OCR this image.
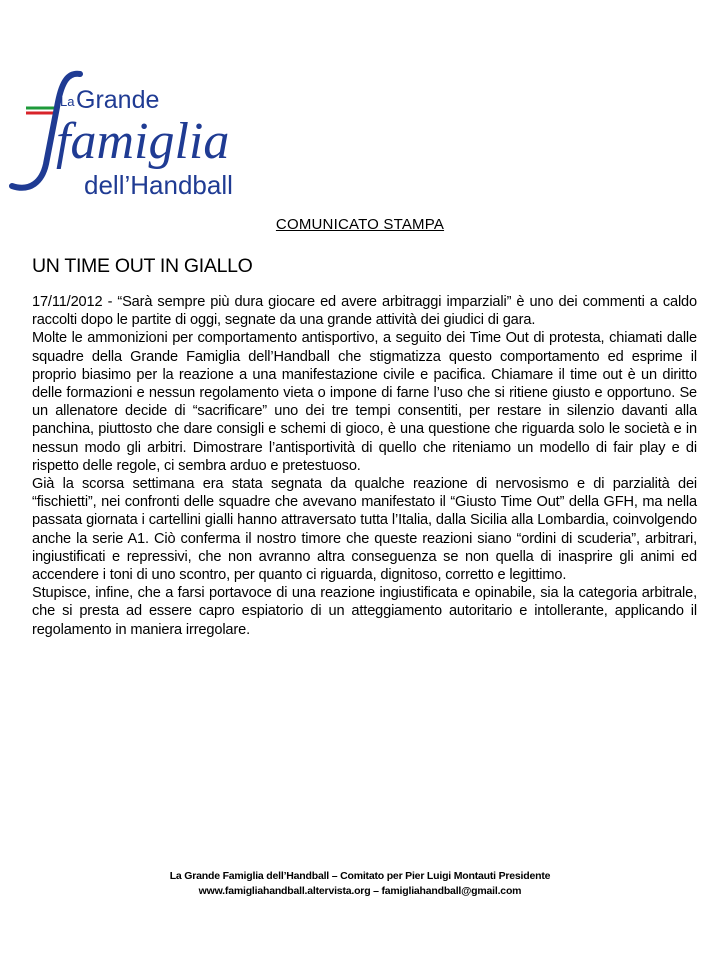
La Grande
famiglia
dell’Handball
COMUNICATO STAMPA
UN TIME OUT IN GIALLO

17/11/2012 - “Sarà sempre più dura giocare ed avere arbitraggi imparziali” è uno dei commenti a caldo raccolti dopo le partite di oggi, segnate da una grande attività dei giudici di gara.

Molte le ammonizioni per comportamento antisportivo, a seguito dei Time Out di protesta, chiamati dalle squadre della Grande Famiglia dell’Handball che stigmatizza questo comportamento ed esprime il proprio biasimo per la reazione a una manifestazione civile e pacifica. Chiamare il time out è un diritto delle formazioni e nessun regolamento vieta o impone di farne l’uso che si ritiene giusto e opportuno. Se un allenatore decide di “sacrificare” uno dei tre tempi consentiti, per restare in silenzio davanti alla panchina, piuttosto che dare consigli e schemi di gioco, è una questione che riguarda solo le società e in nessun modo gli arbitri. Dimostrare l’antisportività di quello che riteniamo un modello di fair play e di rispetto delle regole, ci sembra arduo e pretestuoso.

Già la scorsa settimana era stata segnata da qualche reazione di nervosismo e di parzialità dei “fischietti”, nei confronti delle squadre che avevano manifestato il “Giusto Time Out” della GFH, ma nella passata giornata i cartellini gialli hanno attraversato tutta l’Italia, dalla Sicilia alla Lombardia, coinvolgendo anche la serie A1. Ciò conferma il nostro timore che queste reazioni siano “ordini di scuderia”, arbitrari, ingiustificati e repressivi, che non avranno altra conseguenza se non quella di inasprire gli animi ed accendere i toni di uno scontro, per quanto ci riguarda, dignitoso, corretto e legittimo.

Stupisce, infine, che a farsi portavoce di una reazione ingiustificata e opinabile, sia la categoria arbitrale, che si presta ad essere capro espiatorio di un atteggiamento autoritario e intollerante, applicando il regolamento in maniera irregolare.

La Grande Famiglia dell’Handball – Comitato per Pier Luigi Montauti Presidente
www.famigliahandball.altervista.org – famigliahandball@gmail.com
